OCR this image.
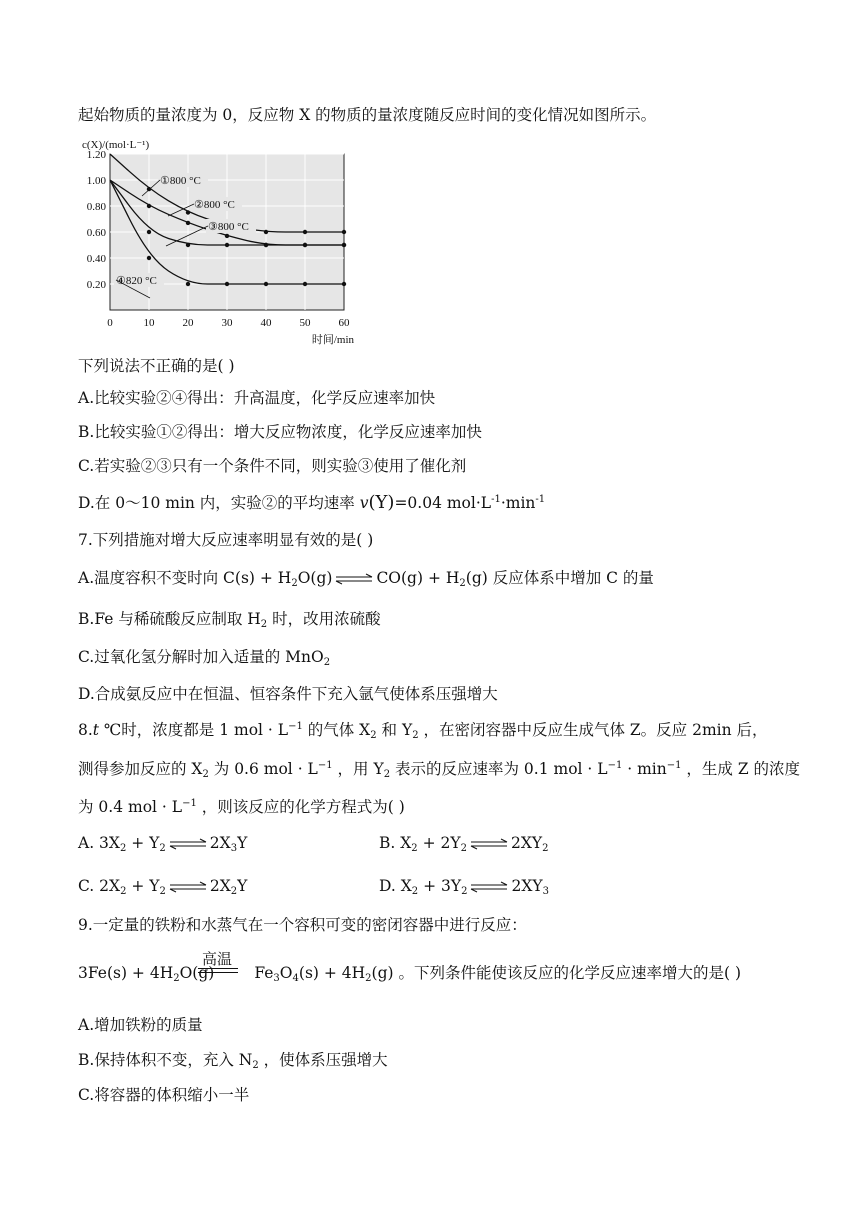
起始物质的量浓度为 0，反应物 X 的物质的量浓度随反应时间的变化情况如图所示。
0	10	20	30	40	50	60
1.20
1.00
0.80
0.60
0.40
0.20
c(X)/(mol·L⁻¹)
时间/min
①800 °C
②800 °C
③800 °C
④820 °C
下列说法不正确的是( )
A.比较实验②④得出：升高温度，化学反应速率加快
B.比较实验①②得出：增大反应物浓度，化学反应速率加快
C.若实验②③只有一个条件不同，则实验③使用了催化剂
D.在 0～10 min 内，实验②的平均速率 v(Y)=0.04 $mol\cdot L^{-1}\cdot\min^{-1}$
7.下列措施对增大反应速率明显有效的是( )
A.温度容积不变时向 $C(s) + H_2O(g)$ ⇌ $CO(g) + H_2(g)$ 反应体系中增加 C 的量
B.Fe 与稀硫酸反应制取 $H_2$ 时，改用浓硫酸
C.过氧化氢分解时加入适量的 MnO$_2$
D.合成氨反应中在恒温、恒容条件下充入氩气使体系压强增大
8.t ℃时，浓度都是 1 mol · $L^{-1}$ 的气体 $X_2$ 和 $Y_2$ ，在密闭容器中反应生成气体 Z。反应 2min 后，
测得参加反应的 $X_2$ 为 0.6 mol · $L^{-1}$ ，用 $Y_2$ 表示的反应速率为 0.1 mol · $L^{-1} \cdot \min^{-1}$ ，生成 Z 的浓度
为 0.4 mol · $L^{-1}$ ，则该反应的化学方程式为( )
A. $3X_2 + Y_2$ ⇌ $2X_3Y$	B. $X_2 + 2Y_2$ ⇌ $2XY_2$
C. $2X_2 + Y_2$ ⇌ $2X_2Y$	D. $X_2 + 3Y_2$ ⇌ $2XY_3$
9.一定量的铁粉和水蒸气在一个容积可变的密闭容器中进行反应：
高温
$3Fe(s) + 4H_2O(g)$	$Fe_3O_4(s) + 4H_2(g)$ 。下列条件能使该反应的化学反应速率增大的是( )
A.增加铁粉的质量
B.保持体积不变，充入 $N_2$ ，使体系压强增大
C.将容器的体积缩小一半
